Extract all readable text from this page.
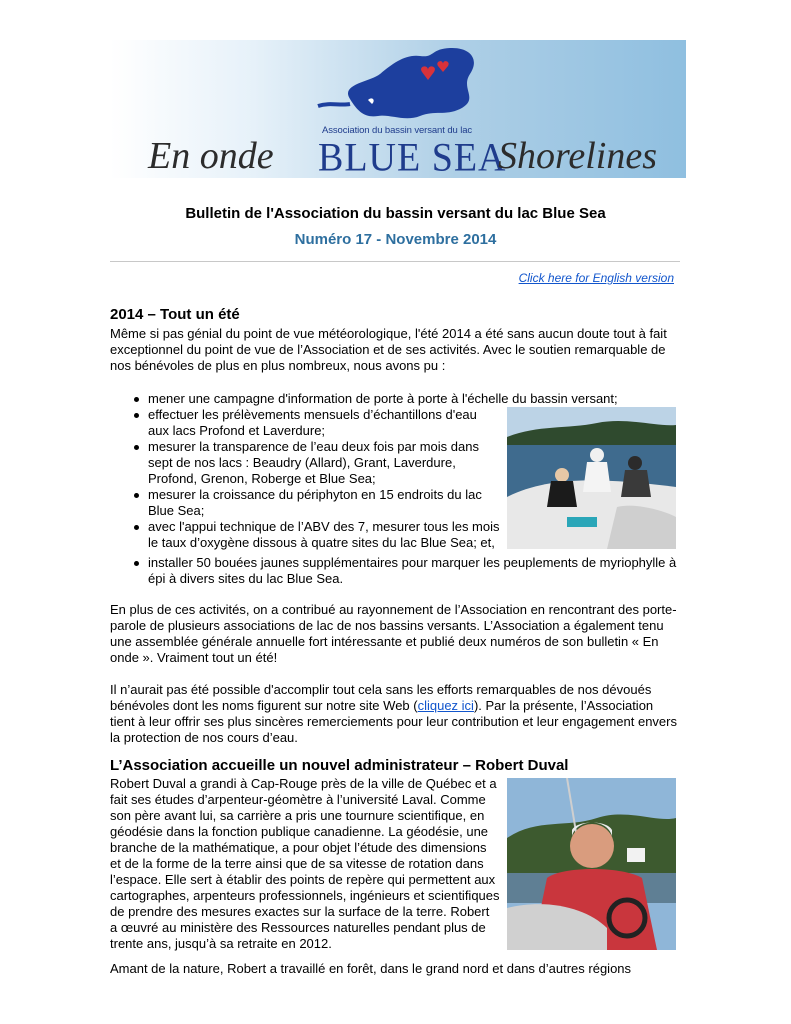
Association du bassin versant du lac
En onde BLUE SEA
Shorelines
Bulletin de l'Association du bassin versant du lac Blue Sea
Numéro 17 - Novembre 2014
Click here for English version
2014 – Tout un été
Même si pas génial du point de vue météorologique, l'été 2014 a été sans aucun doute tout à fait exceptionnel du point de vue de l’Association et de ses activités. Avec le soutien remarquable de nos bénévoles de plus en plus nombreux, nous avons pu :
mener une campagne d'information de porte à porte à l'échelle du bassin versant;
effectuer les prélèvements mensuels d’échantillons d'eau aux lacs Profond et Laverdure;
mesurer la transparence de l’eau deux fois par mois dans sept de nos lacs : Beaudry (Allard), Grant, Laverdure, Profond, Grenon, Roberge et Blue Sea;
mesurer la croissance du périphyton en 15 endroits du lac Blue Sea;
avec l'appui technique de l’ABV des 7, mesurer tous les mois le taux d’oxygène dissous à quatre sites du lac Blue Sea; et,
installer 50 bouées jaunes supplémentaires pour marquer les peuplements de myriophylle à épi à divers sites du lac Blue Sea.
En plus de ces activités, on a contribué au rayonnement de l’Association en rencontrant des porte-parole de plusieurs associations de lac de nos bassins versants. L’Association a également tenu une assemblée générale annuelle fort intéressante et publié deux numéros de son bulletin « En onde ». Vraiment tout un été!
Il n’aurait pas été possible d'accomplir tout cela sans les efforts remarquables de nos dévoués bénévoles dont les noms figurent sur notre site Web (cliquez ici). Par la présente, l’Association tient à leur offrir ses plus sincères remerciements pour leur contribution et leur engagement envers la protection de nos cours d’eau.
L’Association accueille un nouvel administrateur – Robert Duval
Robert Duval a grandi à Cap-Rouge près de la ville de Québec et a fait ses études d’arpenteur-géomètre à l’université Laval. Comme son père avant lui, sa carrière a pris une tournure scientifique, en géodésie dans la fonction publique canadienne. La géodésie, une branche de la mathématique, a pour objet l’étude des dimensions et de la forme de la terre ainsi que de sa vitesse de rotation dans l’espace. Elle sert à établir des points de repère qui permettent aux cartographes, arpenteurs professionnels, ingénieurs et scientifiques de prendre des mesures exactes sur la surface de la terre. Robert a œuvré au ministère des Ressources naturelles pendant plus de trente ans, jusqu’à sa retraite en 2012.
Amant de la nature, Robert a travaillé en forêt, dans le grand nord et dans d’autres régions
